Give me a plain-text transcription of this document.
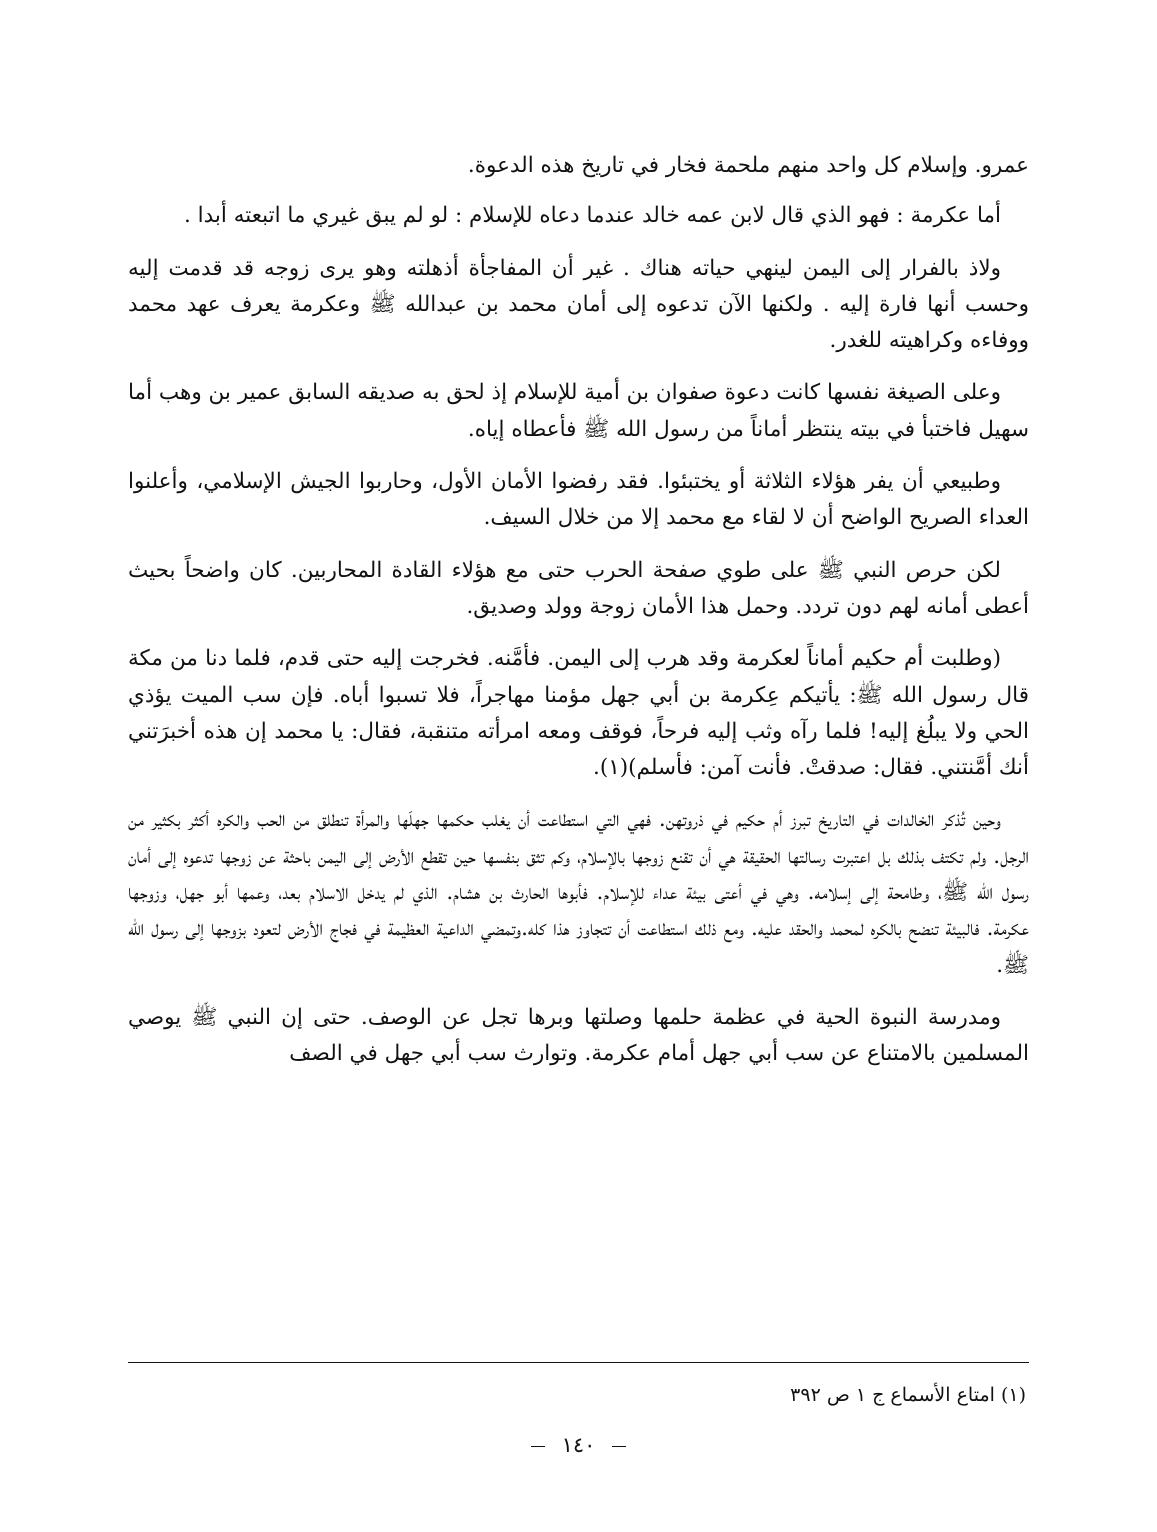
عمرو. وإسلام كل واحد منهم ملحمة فخار في تاريخ هذه الدعوة.

أما عكرمة : فهو الذي قال لابن عمه خالد عندما دعاه للإسلام : لو لم يبق غيري ما اتبعته أبدا .

ولاذ بالفرار إلى اليمن لينهي حياته هناك . غير أن المفاجأة أذهلته وهو يرى زوجه قد قدمت إليه وحسب أنها فارة إليه . ولكنها الآن تدعوه إلى أمان محمد بن عبدالله ﷺ وعكرمة يعرف عهد محمد ووفاءه وكراهيته للغدر.

وعلى الصيغة نفسها كانت دعوة صفوان بن أمية للإسلام إذ لحق به صديقه السابق عمير بن وهب أما سهيل فاختبأ في بيته ينتظر أماناً من رسول الله ﷺ فأعطاه إياه.

وطبيعي أن يفر هؤلاء الثلاثة أو يختبئوا. فقد رفضوا الأمان الأول، وحاربوا الجيش الإسلامي، وأعلنوا العداء الصريح الواضح أن لا لقاء مع محمد إلا من خلال السيف.

لكن حرص النبي ﷺ على طوي صفحة الحرب حتى مع هؤلاء القادة المحاربين. كان واضحاً بحيث أعطى أمانه لهم دون تردد. وحمل هذا الأمان زوجة وولد وصديق.

(وطلبت أم حكيم أماناً لعكرمة وقد هرب إلى اليمن. فأمَّنه. فخرجت إليه حتى قدم، فلما دنا من مكة قال رسول الله ﷺ: يأتيكم عِكرمة بن أبي جهل مؤمنا مهاجراً، فلا تسبوا أباه. فإن سب الميت يؤذي الحي ولا يبلُغ إليه! فلما رآه وثب إليه فرحاً، فوقف ومعه امرأته متنقبة، فقال: يا محمد إن هذه أخبرَتني أنك أمَّنتني. فقال: صدقتْ. فأنت آمن: فأسلم)(١).

وحين تُذكر الخالدات في التاريخ تبرز أم حكيم في ذروتهن. فهي التي استطاعت أن يغلب حكمها جهلَها والمرأة تنطلق من الحب والكره أكثر بكثير من الرجل. ولم تكتف بذلك بل اعتبرت رسالتها الحقيقة هي أن تقنع زوجها بالإسلام، وكم تثق بنفسها حين تقطع الأرض إلى اليمن باحثة عن زوجها تدعوه إلى أمان رسول الله ﷺ، وطامحة إلى إسلامه. وهي في أعتى بيئة عداء للإسلام. فأبوها الحارث بن هشام. الذي لم يدخل الاسلام بعد، وعمها أبو جهل، وزوجها عكرمة. فالبيئة تنضح بالكره لمحمد والحقد عليه. ومع ذلك استطاعت أن تتجاوز هذا كله.وتمضي الداعية العظيمة في فجاج الأرض لتعود بزوجها إلى رسول الله ﷺ.

ومدرسة النبوة الحية في عظمة حلمها وصلتها وبرها تجل عن الوصف. حتى إن النبي ﷺ يوصي المسلمين بالامتناع عن سب أبي جهل أمام عكرمة. وتوارث سب أبي جهل في الصف

(١) امتاع الأسماع ج ١ ص ٣٩٢
١٤٠
